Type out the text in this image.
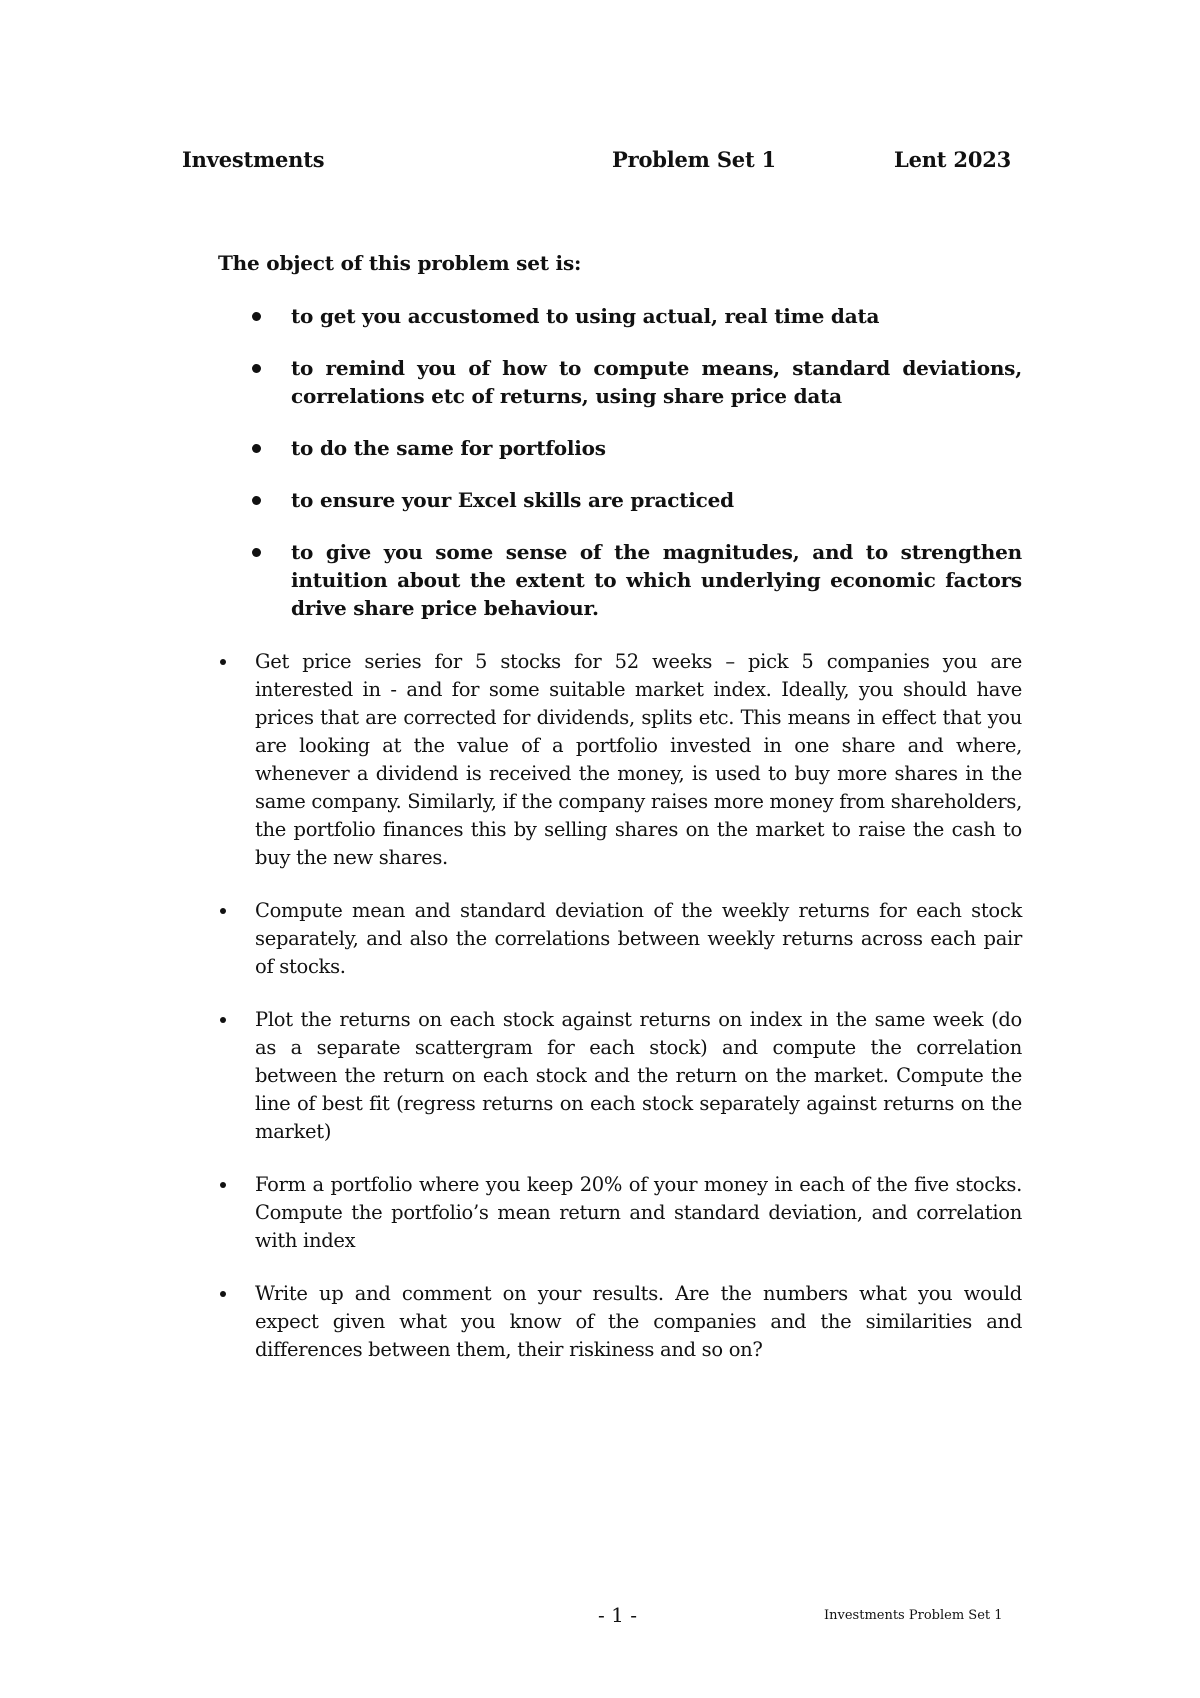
Investments	Problem Set 1	Lent 2023
The object of this problem set is:
to get you accustomed to using actual, real time data
to remind you of how to compute means, standard deviations, correlations etc of returns, using share price data
to do the same for portfolios
to ensure your Excel skills are practiced
to give you some sense of the magnitudes, and to strengthen intuition about the extent to which underlying economic factors drive share price behaviour.
Get price series for 5 stocks for 52 weeks – pick 5 companies you are interested in - and for some suitable market index. Ideally, you should have prices that are corrected for dividends, splits etc. This means in effect that you are looking at the value of a portfolio invested in one share and where, whenever a dividend is received the money, is used to buy more shares in the same company. Similarly, if the company raises more money from shareholders, the portfolio finances this by selling shares on the market to raise the cash to buy the new shares.
Compute mean and standard deviation of the weekly returns for each stock separately, and also the correlations between weekly returns across each pair of stocks.
Plot the returns on each stock against returns on index in the same week (do as a separate scattergram for each stock) and compute the correlation between the return on each stock and the return on the market. Compute the line of best fit (regress returns on each stock separately against returns on the market)
Form a portfolio where you keep 20% of your money in each of the five stocks. Compute the portfolio’s mean return and standard deviation, and correlation with index
Write up and comment on your results. Are the numbers what you would expect given what you know of the companies and the similarities and differences between them, their riskiness and so on?
- 1 -	Investments Problem Set 1
